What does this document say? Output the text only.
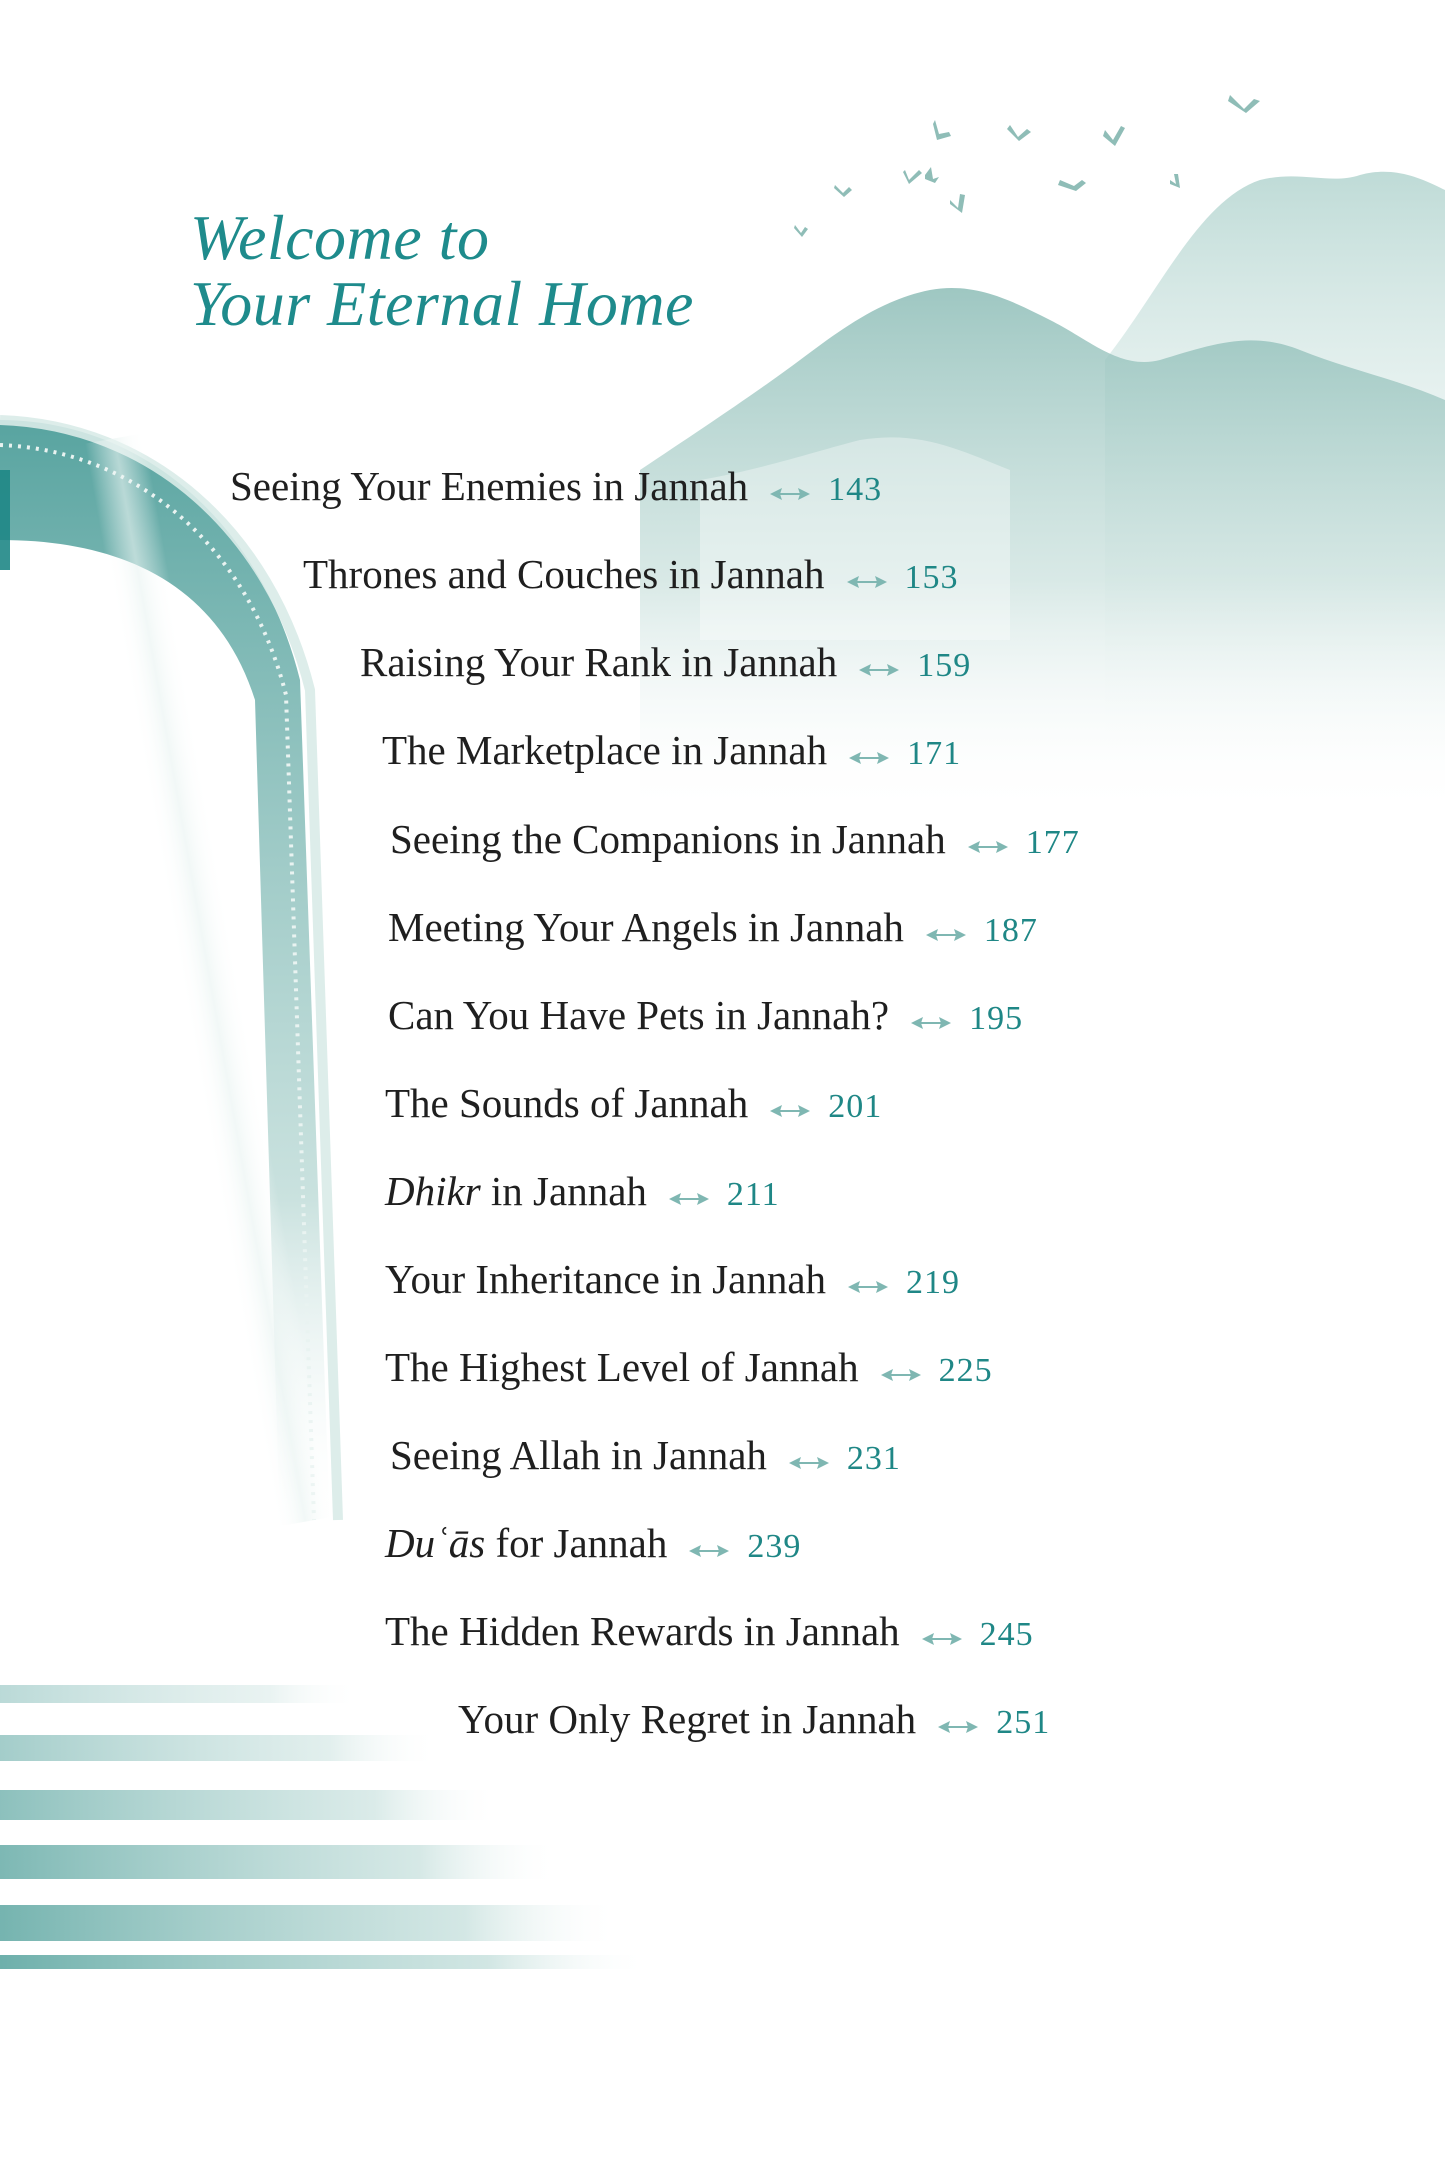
Welcome to
Your Eternal Home
Seeing Your Enemies in Jannah 143
Thrones and Couches in Jannah 153
Raising Your Rank in Jannah 159
The Marketplace in Jannah 171
Seeing the Companions in Jannah 177
Meeting Your Angels in Jannah 187
Can You Have Pets in Jannah? 195
The Sounds of Jannah 201
Dhikr in Jannah 211
Your Inheritance in Jannah 219
The Highest Level of Jannah 225
Seeing Allah in Jannah 231
Duʿās for Jannah 239
The Hidden Rewards in Jannah 245
Your Only Regret in Jannah 251
